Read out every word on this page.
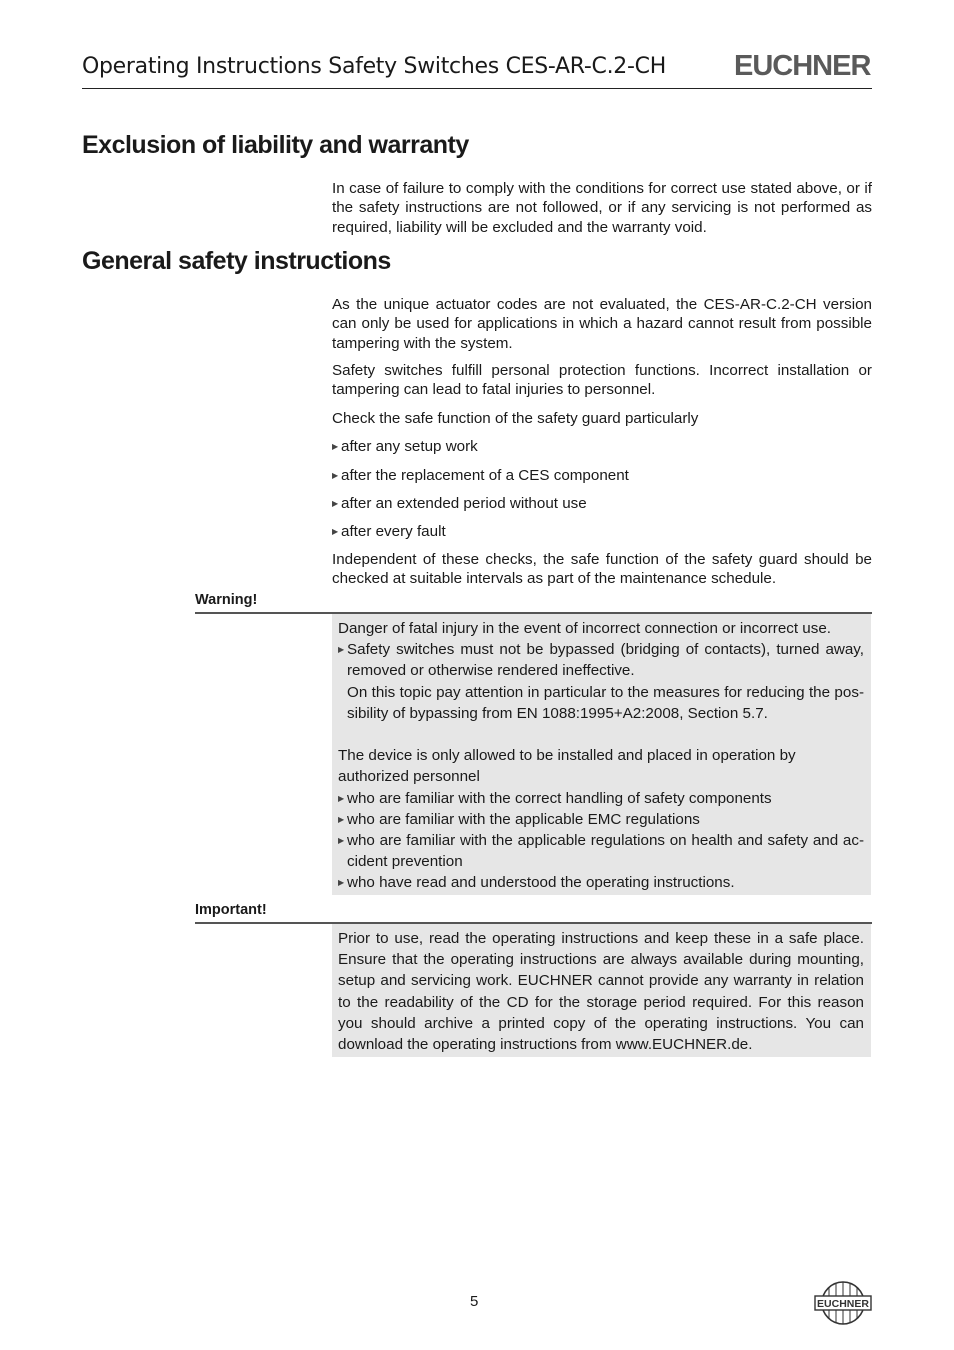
Operating Instructions Safety Switches CES-AR-C.2-CH EUCHNER
Exclusion of liability and warranty

In case of failure to comply with the conditions for correct use stated above, or if the safety instructions are not followed, or if any servicing is not performed as required, liability will be excluded and the warranty void.

General safety instructions

As the unique actuator codes are not evaluated, the CES-AR-C.2-CH version can only be used for applications in which a hazard cannot result from possible tampering with the system.

Safety switches fulfill personal protection functions. Incorrect installation or tampering can lead to fatal injuries to personnel.

Check the safe function of the safety guard particularly

▶ after any setup work

▶ after the replacement of a CES component

▶ after an extended period without use

▶ after every fault

Independent of these checks, the safe function of the safety guard should be checked at suitable intervals as part of the maintenance schedule.

Warning!

Danger of fatal injury in the event of incorrect connection or incorrect use.

▶ Safety switches must not be bypassed (bridging of contacts), turned away, removed or otherwise rendered ineffective.

On this topic pay attention in particular to the measures for reducing the possibility of bypassing from EN 1088:1995+A2:2008, Section 5.7.

The device is only allowed to be installed and placed in operation by authorized personnel

▶ who are familiar with the correct handling of safety components

▶ who are familiar with the applicable EMC regulations

▶ who are familiar with the applicable regulations on health and safety and accident prevention

▶ who have read and understood the operating instructions.

Important!

Prior to use, read the operating instructions and keep these in a safe place. Ensure that the operating instructions are always available during mounting, setup and servicing work. EUCHNER cannot provide any warranty in relation to the readability of the CD for the storage period required. For this reason you should archive a printed copy of the operating instructions. You can download the operating instructions from www.EUCHNER.de.

5	EUCHNER
